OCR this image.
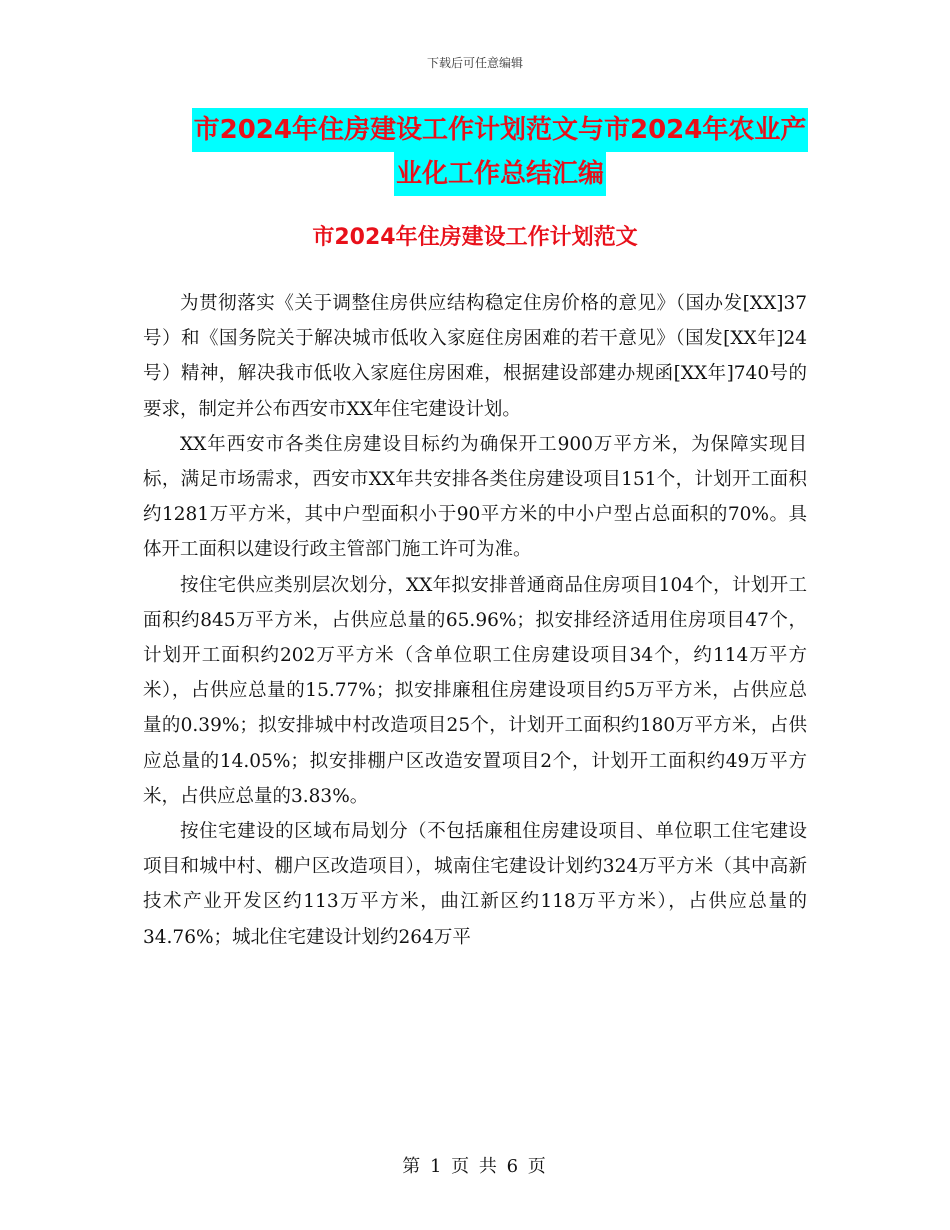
下载后可任意编辑
市2024年住房建设工作计划范文与市2024年农业产
业化工作总结汇编
市2024年住房建设工作计划范文

为贯彻落实《关于调整住房供应结构稳定住房价格的意见》（国办发[XX]37号）和《国务院关于解决城市低收入家庭住房困难的若干意见》（国发[XX年]24号）精神，解决我市低收入家庭住房困难，根据建设部建办规函[XX年]740号的要求，制定并公布西安市XX年住宅建设计划。

XX年西安市各类住房建设目标约为确保开工900万平方米，为保障实现目标，满足市场需求，西安市XX年共安排各类住房建设项目151个，计划开工面积约1281万平方米，其中户型面积小于90平方米的中小户型占总面积的70%。具体开工面积以建设行政主管部门施工许可为准。

按住宅供应类别层次划分，XX年拟安排普通商品住房项目104个，计划开工面积约845万平方米，占供应总量的65.96%；拟安排经济适用住房项目47个，计划开工面积约202万平方米（含单位职工住房建设项目34个，约114万平方米），占供应总量的15.77%；拟安排廉租住房建设项目约5万平方米，占供应总量的0.39%；拟安排城中村改造项目25个，计划开工面积约180万平方米，占供应总量的14.05%；拟安排棚户区改造安置项目2个，计划开工面积约49万平方米，占供应总量的3.83%。

按住宅建设的区域布局划分（不包括廉租住房建设项目、单位职工住宅建设项目和城中村、棚户区改造项目），城南住宅建设计划约324万平方米（其中高新技术产业开发区约113万平方米，曲江新区约118万平方米），占供应总量的34.76%；城北住宅建设计划约264万平

第 1 页 共 6 页
